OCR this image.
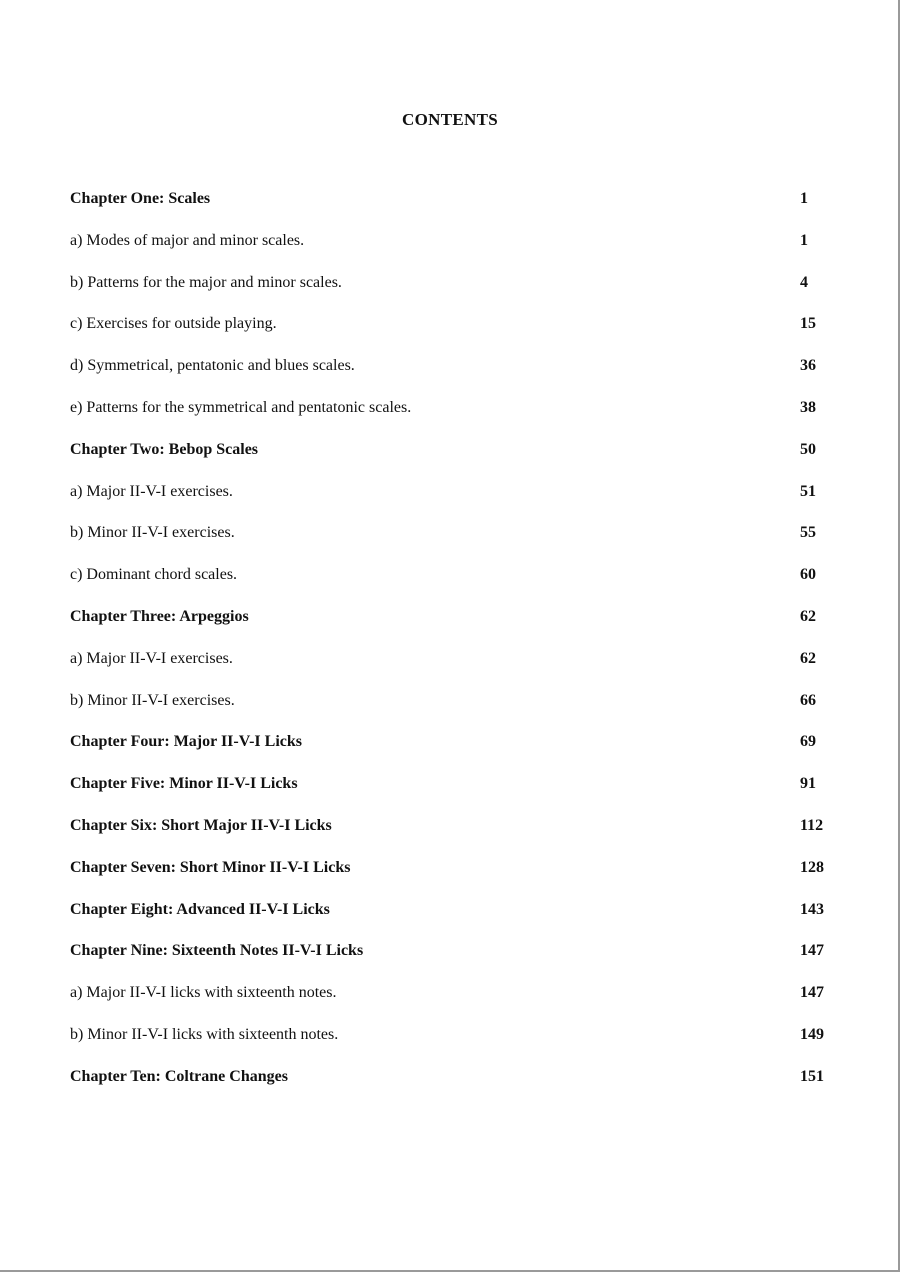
CONTENTS
Chapter One: Scales	1
a) Modes of major and minor scales.	1
b) Patterns for the major and minor scales.	4
c) Exercises for outside playing.	15
d) Symmetrical, pentatonic and blues scales.	36
e) Patterns for the symmetrical and pentatonic scales.	38
Chapter Two: Bebop Scales	50
a) Major II-V-I exercises.	51
b) Minor II-V-I exercises.	55
c) Dominant chord scales.	60
Chapter Three: Arpeggios	62
a) Major II-V-I exercises.	62
b) Minor II-V-I exercises.	66
Chapter Four: Major II-V-I Licks	69
Chapter Five: Minor II-V-I Licks	91
Chapter Six: Short Major II-V-I Licks	112
Chapter Seven: Short Minor II-V-I Licks	128
Chapter Eight: Advanced II-V-I Licks	143
Chapter Nine: Sixteenth Notes II-V-I Licks	147
a) Major II-V-I licks with sixteenth notes.	147
b) Minor II-V-I licks with sixteenth notes.	149
Chapter Ten: Coltrane Changes	151
